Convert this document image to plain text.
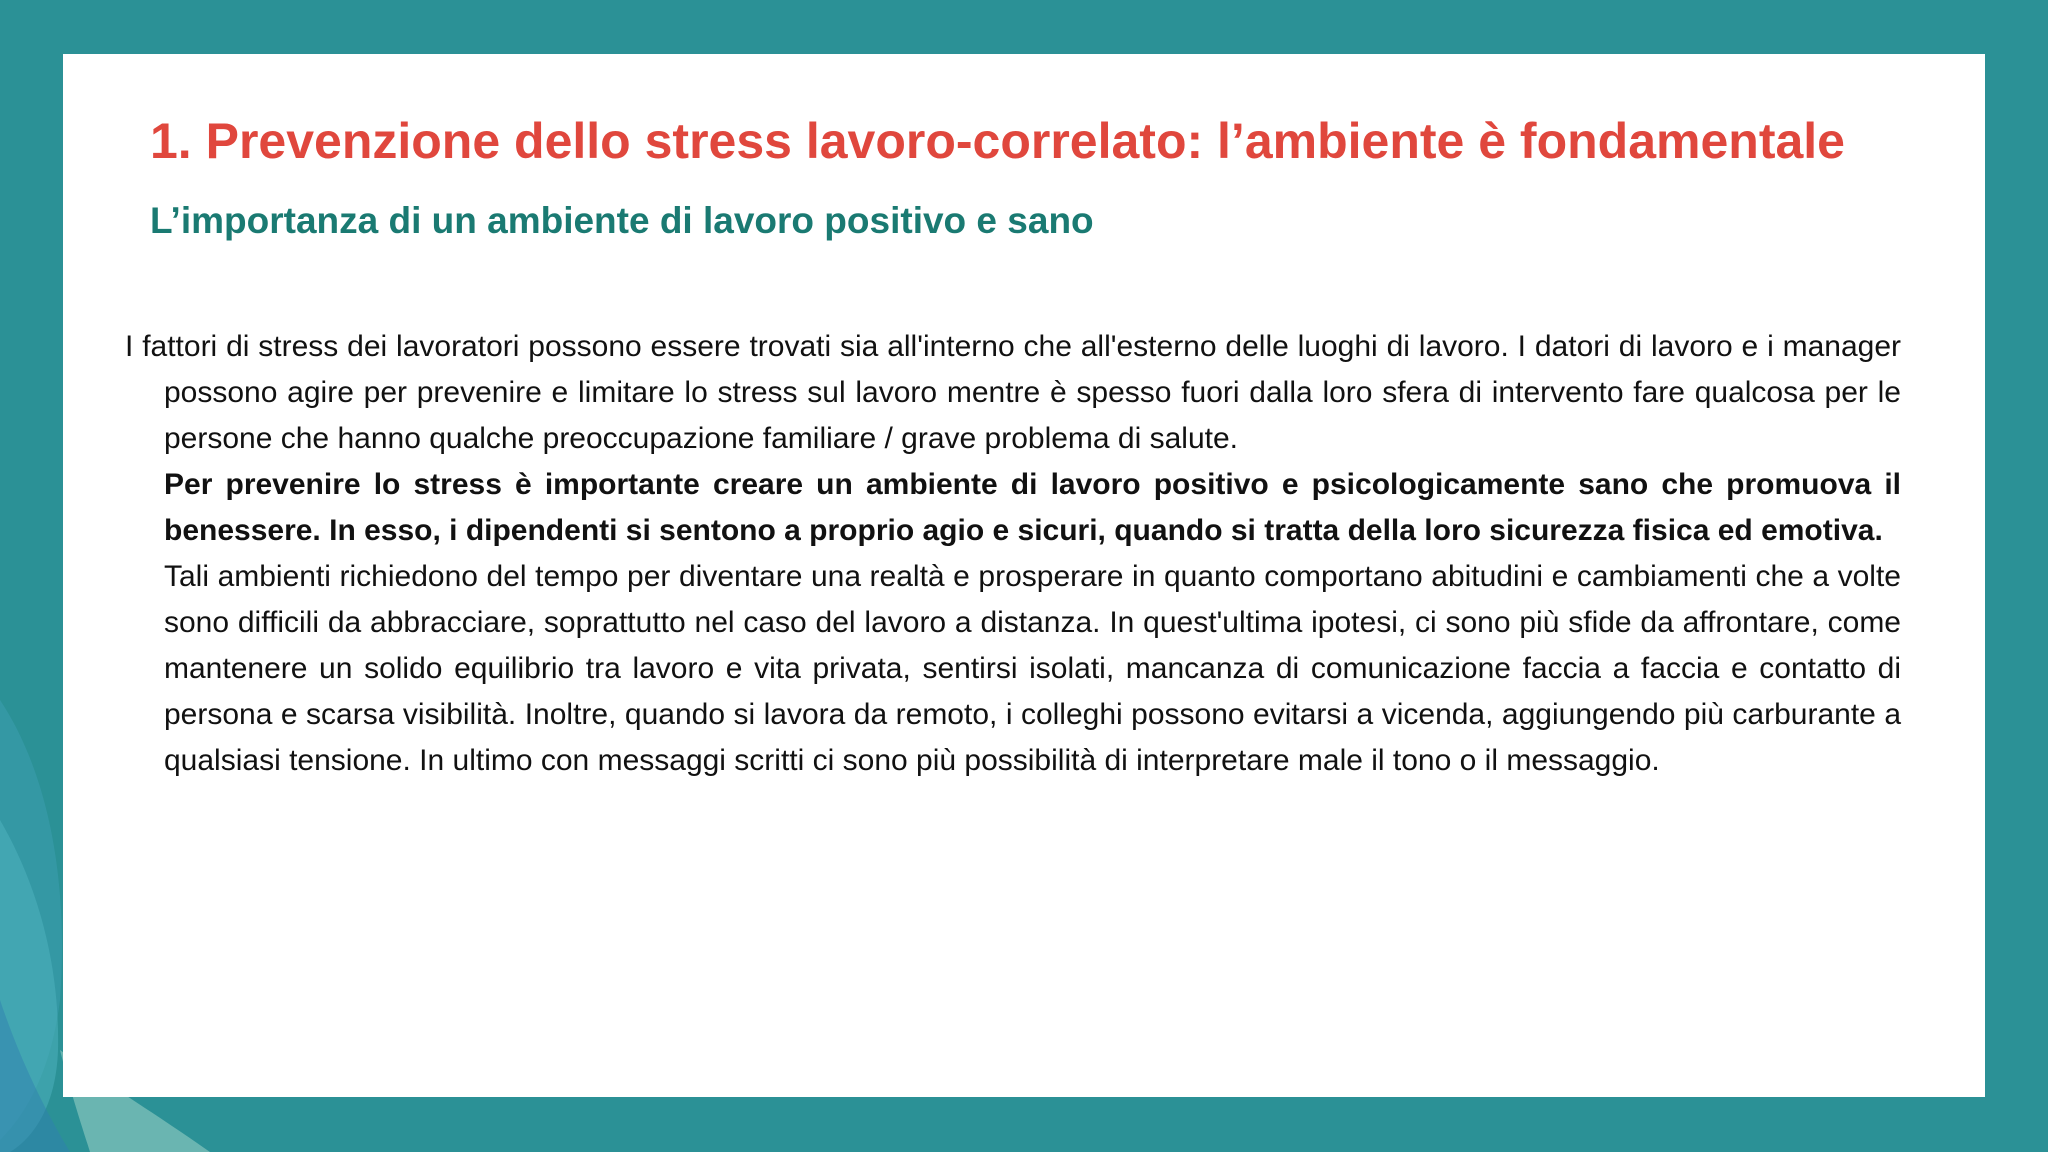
1. Prevenzione dello stress lavoro-correlato: l’ambiente è fondamentale
L’importanza di un ambiente di lavoro positivo e sano

I fattori di stress dei lavoratori possono essere trovati sia all'interno che all'esterno delle luoghi di lavoro. I datori di lavoro e i manager possono agire per prevenire e limitare lo stress sul lavoro mentre è spesso fuori dalla loro sfera di intervento fare qualcosa per le persone che hanno qualche preoccupazione familiare / grave problema di salute.
Per prevenire lo stress è importante creare un ambiente di lavoro positivo e psicologicamente sano che promuova il benessere. In esso, i dipendenti si sentono a proprio agio e sicuri, quando si tratta della loro sicurezza fisica ed emotiva.
Tali ambienti richiedono del tempo per diventare una realtà e prosperare in quanto comportano abitudini e cambiamenti che a volte sono difficili da abbracciare, soprattutto nel caso del lavoro a distanza. In quest'ultima ipotesi, ci sono più sfide da affrontare, come mantenere un solido equilibrio tra lavoro e vita privata, sentirsi isolati, mancanza di comunicazione faccia a faccia e contatto di persona e scarsa visibilità. Inoltre, quando si lavora da remoto, i colleghi possono evitarsi a vicenda, aggiungendo più carburante a qualsiasi tensione. In ultimo con messaggi scritti ci sono più possibilità di interpretare male il tono o il messaggio.
